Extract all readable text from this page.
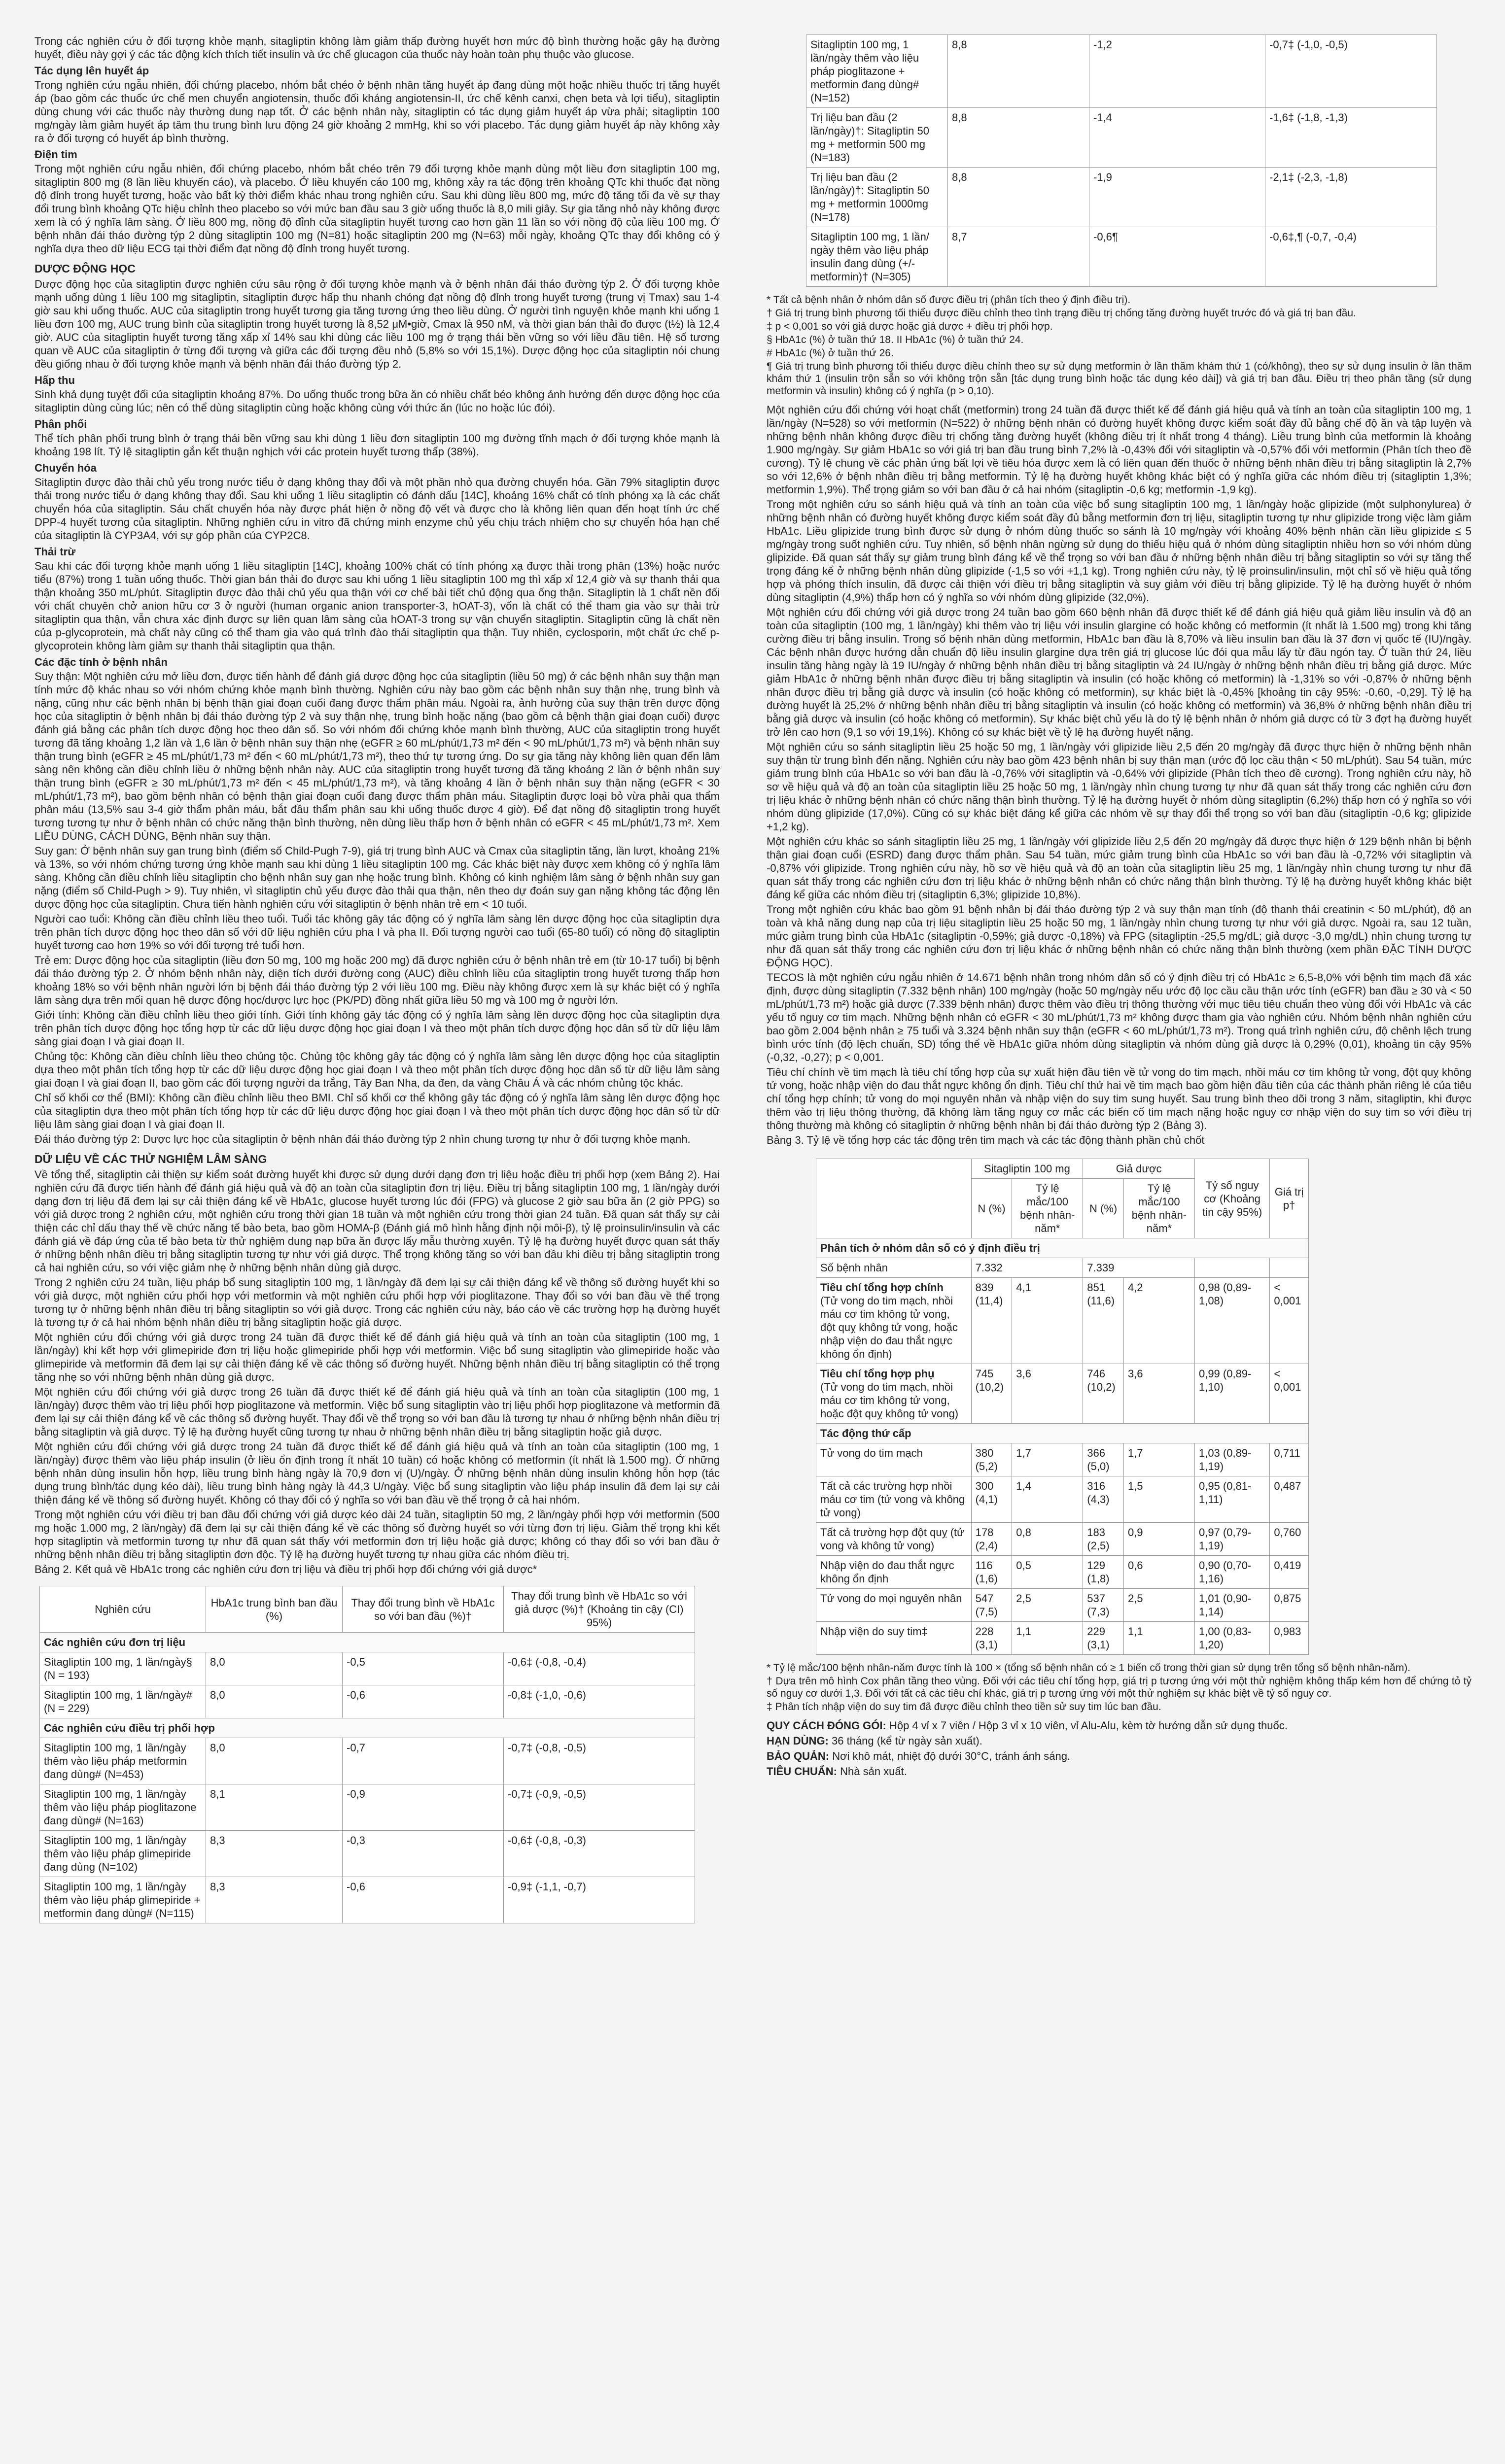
Trong các nghiên cứu ở đối tượng khỏe mạnh, sitagliptin không làm giảm thấp đường huyết hơn mức độ bình thường hoặc gây hạ đường huyết, điều này gợi ý các tác động kích thích tiết insulin và ức chế glucagon của thuốc này hoàn toàn phụ thuộc vào glucose.

Tác dụng lên huyết áp

Trong nghiên cứu ngẫu nhiên, đối chứng placebo, nhóm bắt chéo ở bệnh nhân tăng huyết áp đang dùng một hoặc nhiều thuốc trị tăng huyết áp (bao gồm các thuốc ức chế men chuyển angiotensin, thuốc đối kháng angiotensin-II, ức chế kênh canxi, chẹn beta và lợi tiểu), sitagliptin dùng chung với các thuốc này thường dung nạp tốt. Ở các bệnh nhân này, sitagliptin có tác dụng giảm huyết áp vừa phải; sitagliptin 100 mg/ngày làm giảm huyết áp tâm thu trung bình lưu động 24 giờ khoảng 2 mmHg, khi so với placebo. Tác dụng giảm huyết áp này không xảy ra ở đối tượng có huyết áp bình thường.

Điện tim

Trong một nghiên cứu ngẫu nhiên, đối chứng placebo, nhóm bắt chéo trên 79 đối tượng khỏe mạnh dùng một liều đơn sitagliptin 100 mg, sitagliptin 800 mg (8 lần liều khuyến cáo), và placebo. Ở liều khuyến cáo 100 mg, không xảy ra tác động trên khoảng QTc khi thuốc đạt nồng độ đỉnh trong huyết tương, hoặc vào bất kỳ thời điểm khác nhau trong nghiên cứu. Sau khi dùng liều 800 mg, mức độ tăng tối đa về sự thay đổi trung bình khoảng QTc hiệu chỉnh theo placebo so với mức ban đầu sau 3 giờ uống thuốc là 8,0 mili giây. Sự gia tăng nhỏ này không được xem là có ý nghĩa lâm sàng. Ở liều 800 mg, nồng độ đỉnh của sitagliptin huyết tương cao hơn gần 11 lần so với nồng độ của liều 100 mg. Ở bệnh nhân đái tháo đường týp 2 dùng sitagliptin 100 mg (N=81) hoặc sitagliptin 200 mg (N=63) mỗi ngày, khoảng QTc thay đổi không có ý nghĩa dựa theo dữ liệu ECG tại thời điểm đạt nồng độ đỉnh trong huyết tương.

DƯỢC ĐỘNG HỌC

Dược động học của sitagliptin được nghiên cứu sâu rộng ở đối tượng khỏe mạnh và ở bệnh nhân đái tháo đường týp 2. Ở đối tượng khỏe mạnh uống dùng 1 liều 100 mg sitagliptin, sitagliptin được hấp thu nhanh chóng đạt nồng độ đỉnh trong huyết tương (trung vị Tmax) sau 1-4 giờ sau khi uống thuốc. AUC của sitagliptin trong huyết tương gia tăng tương ứng theo liều dùng. Ở người tình nguyện khỏe mạnh khi uống 1 liều đơn 100 mg, AUC trung bình của sitagliptin trong huyết tương là 8,52 μM•giờ, Cmax là 950 nM, và thời gian bán thải đo được (t½) là 12,4 giờ. AUC của sitagliptin huyết tương tăng xấp xỉ 14% sau khi dùng các liều 100 mg ở trạng thái bền vững so với liều đầu tiên. Hệ số tương quan về AUC của sitagliptin ở từng đối tượng và giữa các đối tượng đều nhỏ (5,8% so với 15,1%). Dược động học của sitagliptin nói chung đều giống nhau ở đối tượng khỏe mạnh và bệnh nhân đái tháo đường týp 2.

Hấp thu

Sinh khả dụng tuyệt đối của sitagliptin khoảng 87%. Do uống thuốc trong bữa ăn có nhiều chất béo không ảnh hưởng đến dược động học của sitagliptin dùng cùng lúc; nên có thể dùng sitagliptin cùng hoặc không cùng với thức ăn (lúc no hoặc lúc đói).

Phân phối

Thể tích phân phối trung bình ở trạng thái bền vững sau khi dùng 1 liều đơn sitagliptin 100 mg đường tĩnh mạch ở đối tượng khỏe mạnh là khoảng 198 lít. Tỷ lệ sitagliptin gắn kết thuận nghịch với các protein huyết tương thấp (38%).

Chuyển hóa

Sitagliptin được đào thải chủ yếu trong nước tiểu ở dạng không thay đổi và một phần nhỏ qua đường chuyển hóa. Gần 79% sitagliptin được thải trong nước tiểu ở dạng không thay đổi. Sau khi uống 1 liều sitagliptin có đánh dấu [14C], khoảng 16% chất có tính phóng xạ là các chất chuyển hóa của sitagliptin. Sáu chất chuyển hóa này được phát hiện ở nồng độ vết và được cho là không liên quan đến hoạt tính ức chế DPP-4 huyết tương của sitagliptin. Những nghiên cứu in vitro đã chứng minh enzyme chủ yếu chịu trách nhiệm cho sự chuyển hóa hạn chế của sitagliptin là CYP3A4, với sự góp phần của CYP2C8.

Thải trừ

Sau khi các đối tượng khỏe mạnh uống 1 liều sitagliptin [14C], khoảng 100% chất có tính phóng xạ được thải trong phân (13%) hoặc nước tiểu (87%) trong 1 tuần uống thuốc. Thời gian bán thải đo được sau khi uống 1 liều sitagliptin 100 mg thì xấp xỉ 12,4 giờ và sự thanh thải qua thận khoảng 350 mL/phút. Sitagliptin được đào thải chủ yếu qua thận với cơ chế bài tiết chủ động qua ống thận. Sitagliptin là 1 chất nền đối với chất chuyên chở anion hữu cơ 3 ở người (human organic anion transporter-3, hOAT-3), vốn là chất có thể tham gia vào sự thải trừ sitagliptin qua thận, vẫn chưa xác định được sự liên quan lâm sàng của hOAT-3 trong sự vận chuyển sitagliptin. Sitagliptin cũng là chất nền của p-glycoprotein, mà chất này cũng có thể tham gia vào quá trình đào thải sitagliptin qua thận. Tuy nhiên, cyclosporin, một chất ức chế p-glycoprotein không làm giảm sự thanh thải sitagliptin qua thận.

Các đặc tính ở bệnh nhân

Suy thận: Một nghiên cứu mở liều đơn, được tiến hành để đánh giá dược động học của sitagliptin (liều 50 mg) ở các bệnh nhân suy thận mạn tính mức độ khác nhau so với nhóm chứng khỏe mạnh bình thường. Nghiên cứu này bao gồm các bệnh nhân suy thận nhẹ, trung bình và nặng, cũng như các bệnh nhân bị bệnh thận giai đoạn cuối đang được thẩm phân máu. Ngoài ra, ảnh hưởng của suy thận trên dược động học của sitagliptin ở bệnh nhân bị đái tháo đường týp 2 và suy thận nhẹ, trung bình hoặc nặng (bao gồm cả bệnh thận giai đoạn cuối) được đánh giá bằng các phân tích dược động học theo dân số. So với nhóm đối chứng khỏe mạnh bình thường, AUC của sitagliptin trong huyết tương đã tăng khoảng 1,2 lần và 1,6 lần ở bệnh nhân suy thận nhẹ (eGFR ≥ 60 mL/phút/1,73 m² đến < 90 mL/phút/1,73 m²) và bệnh nhân suy thận trung bình (eGFR ≥ 45 mL/phút/1,73 m² đến < 60 mL/phút/1,73 m²), theo thứ tự tương ứng. Do sự gia tăng này không liên quan đến lâm sàng nên không cần điều chỉnh liều ở những bệnh nhân này. AUC của sitagliptin trong huyết tương đã tăng khoảng 2 lần ở bệnh nhân suy thận trung bình (eGFR ≥ 30 mL/phút/1,73 m² đến < 45 mL/phút/1,73 m²), và tăng khoảng 4 lần ở bệnh nhân suy thận nặng (eGFR < 30 mL/phút/1,73 m²), bao gồm bệnh nhân có bệnh thận giai đoạn cuối đang được thẩm phân máu. Sitagliptin được loại bỏ vừa phải qua thẩm phân máu (13,5% sau 3-4 giờ thẩm phân máu, bắt đầu thẩm phân sau khi uống thuốc được 4 giờ). Để đạt nồng độ sitagliptin trong huyết tương tương tự như ở bệnh nhân có chức năng thận bình thường, nên dùng liều thấp hơn ở bệnh nhân có eGFR < 45 mL/phút/1,73 m². Xem LIỀU DÙNG, CÁCH DÙNG, Bệnh nhân suy thận.

Suy gan: Ở bệnh nhân suy gan trung bình (điểm số Child-Pugh 7-9), giá trị trung bình AUC và Cmax của sitagliptin tăng, lần lượt, khoảng 21% và 13%, so với nhóm chứng tương ứng khỏe mạnh sau khi dùng 1 liều sitagliptin 100 mg. Các khác biệt này được xem không có ý nghĩa lâm sàng. Không cần điều chỉnh liều sitagliptin cho bệnh nhân suy gan nhẹ hoặc trung bình. Không có kinh nghiệm lâm sàng ở bệnh nhân suy gan nặng (điểm số Child-Pugh > 9). Tuy nhiên, vì sitagliptin chủ yếu được đào thải qua thận, nên theo dự đoán suy gan nặng không tác động lên dược động học của sitagliptin. Chưa tiến hành nghiên cứu với sitagliptin ở bệnh nhân trẻ em < 10 tuổi.

Người cao tuổi: Không cần điều chỉnh liều theo tuổi. Tuổi tác không gây tác động có ý nghĩa lâm sàng lên dược động học của sitagliptin dựa trên phân tích dược động học theo dân số với dữ liệu nghiên cứu pha I và pha II. Đối tượng người cao tuổi (65-80 tuổi) có nồng độ sitagliptin huyết tương cao hơn 19% so với đối tượng trẻ tuổi hơn.

Trẻ em: Dược động học của sitagliptin (liều đơn 50 mg, 100 mg hoặc 200 mg) đã được nghiên cứu ở bệnh nhân trẻ em (từ 10-17 tuổi) bị bệnh đái tháo đường týp 2. Ở nhóm bệnh nhân này, diện tích dưới đường cong (AUC) điều chỉnh liều của sitagliptin trong huyết tương thấp hơn khoảng 18% so với bệnh nhân người lớn bị bệnh đái tháo đường týp 2 với liều 100 mg. Điều này không được xem là sự khác biệt có ý nghĩa lâm sàng dựa trên mối quan hệ dược động học/dược lực học (PK/PD) đồng nhất giữa liều 50 mg và 100 mg ở người lớn.

Giới tính: Không cần điều chỉnh liều theo giới tính. Giới tính không gây tác động có ý nghĩa lâm sàng lên dược động học của sitagliptin dựa trên phân tích dược động học tổng hợp từ các dữ liệu dược động học giai đoạn I và theo một phân tích dược động học dân số từ dữ liệu lâm sàng giai đoạn I và giai đoạn II.

Chủng tộc: Không cần điều chỉnh liều theo chủng tộc. Chủng tộc không gây tác động có ý nghĩa lâm sàng lên dược động học của sitagliptin dựa theo một phân tích tổng hợp từ các dữ liệu dược động học giai đoạn I và theo một phân tích dược động học dân số từ dữ liệu lâm sàng giai đoạn I và giai đoạn II, bao gồm các đối tượng người da trắng, Tây Ban Nha, da đen, da vàng Châu Á và các nhóm chủng tộc khác.

Chỉ số khối cơ thể (BMI): Không cần điều chỉnh liều theo BMI. Chỉ số khối cơ thể không gây tác động có ý nghĩa lâm sàng lên dược động học của sitagliptin dựa theo một phân tích tổng hợp từ các dữ liệu dược động học giai đoạn I và theo một phân tích dược động học dân số từ dữ liệu lâm sàng giai đoạn I và giai đoạn II.

Đái tháo đường týp 2: Dược lực học của sitagliptin ở bệnh nhân đái tháo đường týp 2 nhìn chung tương tự như ở đối tượng khỏe mạnh.

DỮ LIỆU VỀ CÁC THỬ NGHIỆM LÂM SÀNG

Về tổng thể, sitagliptin cải thiện sự kiểm soát đường huyết khi được sử dụng dưới dạng đơn trị liệu hoặc điều trị phối hợp (xem Bảng 2). Hai nghiên cứu đã được tiến hành để đánh giá hiệu quả và độ an toàn của sitagliptin đơn trị liệu. Điều trị bằng sitagliptin 100 mg, 1 lần/ngày dưới dạng đơn trị liệu đã đem lại sự cải thiện đáng kể về HbA1c, glucose huyết tương lúc đói (FPG) và glucose 2 giờ sau bữa ăn (2 giờ PPG) so với giả dược trong 2 nghiên cứu, một nghiên cứu trong thời gian 18 tuần và một nghiên cứu trong thời gian 24 tuần. Đã quan sát thấy sự cải thiện các chỉ dấu thay thế về chức năng tế bào beta, bao gồm HOMA-β (Đánh giá mô hình hằng định nội môi-β), tỷ lệ proinsulin/insulin và các đánh giá về đáp ứng của tế bào beta từ thử nghiệm dung nạp bữa ăn được lấy mẫu thường xuyên. Tỷ lệ hạ đường huyết được quan sát thấy ở những bệnh nhân điều trị bằng sitagliptin tương tự như với giả dược. Thể trọng không tăng so với ban đầu khi điều trị bằng sitagliptin trong cả hai nghiên cứu, so với việc giảm nhẹ ở những bệnh nhân dùng giả dược.

Trong 2 nghiên cứu 24 tuần, liệu pháp bổ sung sitagliptin 100 mg, 1 lần/ngày đã đem lại sự cải thiện đáng kể về thông số đường huyết khi so với giả dược, một nghiên cứu phối hợp với metformin và một nghiên cứu phối hợp với pioglitazone. Thay đổi so với ban đầu về thể trọng tương tự ở những bệnh nhân điều trị bằng sitagliptin so với giả dược. Trong các nghiên cứu này, báo cáo về các trường hợp hạ đường huyết là tương tự ở cả hai nhóm bệnh nhân điều trị bằng sitagliptin hoặc giả dược.

Một nghiên cứu đối chứng với giả dược trong 24 tuần đã được thiết kế để đánh giá hiệu quả và tính an toàn của sitagliptin (100 mg, 1 lần/ngày) khi kết hợp với glimepiride đơn trị liệu hoặc glimepiride phối hợp với metformin. Việc bổ sung sitagliptin vào glimepiride hoặc vào glimepiride và metformin đã đem lại sự cải thiện đáng kể về các thông số đường huyết. Những bệnh nhân điều trị bằng sitagliptin có thể trọng tăng nhẹ so với những bệnh nhân dùng giả dược.

Một nghiên cứu đối chứng với giả dược trong 26 tuần đã được thiết kế để đánh giá hiệu quả và tính an toàn của sitagliptin (100 mg, 1 lần/ngày) được thêm vào trị liệu phối hợp pioglitazone và metformin. Việc bổ sung sitagliptin vào trị liệu phối hợp pioglitazone và metformin đã đem lại sự cải thiện đáng kể về các thông số đường huyết. Thay đổi về thể trọng so với ban đầu là tương tự nhau ở những bệnh nhân điều trị bằng sitagliptin và giả dược. Tỷ lệ hạ đường huyết cũng tương tự nhau ở những bệnh nhân điều trị bằng sitagliptin hoặc giả dược.

Một nghiên cứu đối chứng với giả dược trong 24 tuần đã được thiết kế để đánh giá hiệu quả và tính an toàn của sitagliptin (100 mg, 1 lần/ngày) được thêm vào liệu pháp insulin (ở liều ổn định trong ít nhất 10 tuần) có hoặc không có metformin (ít nhất là 1.500 mg). Ở những bệnh nhân dùng insulin hỗn hợp, liều trung bình hàng ngày là 70,9 đơn vị (U)/ngày. Ở những bệnh nhân dùng insulin không hỗn hợp (tác dụng trung bình/tác dụng kéo dài), liều trung bình hàng ngày là 44,3 U/ngày. Việc bổ sung sitagliptin vào liệu pháp insulin đã đem lại sự cải thiện đáng kể về thông số đường huyết. Không có thay đổi có ý nghĩa so với ban đầu về thể trọng ở cả hai nhóm.

Trong một nghiên cứu với điều trị ban đầu đối chứng với giả dược kéo dài 24 tuần, sitagliptin 50 mg, 2 lần/ngày phối hợp với metformin (500 mg hoặc 1.000 mg, 2 lần/ngày) đã đem lại sự cải thiện đáng kể về các thông số đường huyết so với từng đơn trị liệu. Giảm thể trọng khi kết hợp sitagliptin và metformin tương tự như đã quan sát thấy với metformin đơn trị liệu hoặc giả dược; không có thay đổi so với ban đầu ở những bệnh nhân điều trị bằng sitagliptin đơn độc. Tỷ lệ hạ đường huyết tương tự nhau giữa các nhóm điều trị.

Bảng 2. Kết quả về HbA1c trong các nghiên cứu đơn trị liệu và điều trị phối hợp đối chứng với giả dược*

Nghiên cứu	HbA1c trung bình ban đầu (%)	Thay đổi trung bình về HbA1c so với ban đầu (%)†	Thay đổi trung bình về HbA1c so với giả dược (%)† (Khoảng tin cậy (CI) 95%)
Các nghiên cứu đơn trị liệu			
Sitagliptin 100 mg, 1 lần/ngày§ (N = 193)	8,0	-0,5	-0,6‡ (-0,8, -0,4)
Sitagliptin 100 mg, 1 lần/ngày# (N = 229)	8,0	-0,6	-0,8‡ (-1,0, -0,6)
Các nghiên cứu điều trị phối hợp			
Sitagliptin 100 mg, 1 lần/ngày thêm vào liệu pháp metformin đang dùng# (N=453)	8,0	-0,7	-0,7‡ (-0,8, -0,5)
Sitagliptin 100 mg, 1 lần/ngày thêm vào liệu pháp pioglitazone đang dùng# (N=163)	8,1	-0,9	-0,7‡ (-0,9, -0,5)
Sitagliptin 100 mg, 1 lần/ngày thêm vào liệu pháp glimepiride đang dùng (N=102)	8,3	-0,3	-0,6‡ (-0,8, -0,3)
Sitagliptin 100 mg, 1 lần/ngày thêm vào liệu pháp glimepiride + metformin đang dùng# (N=115)	8,3	-0,6	-0,9‡ (-1,1, -0,7)
Sitagliptin 100 mg, 1 lần/ngày thêm vào liệu pháp pioglitazone + metformin đang dùng# (N=152)	8,8	-1,2	-0,7‡ (-1,0, -0,5)
Trị liệu ban đầu (2 lần/ngày)†: Sitagliptin 50 mg + metformin 500 mg (N=183)	8,8	-1,4	-1,6‡ (-1,8, -1,3)
Trị liệu ban đầu (2 lần/ngày)†: Sitagliptin 50 mg + metformin 1000mg (N=178)	8,8	-1,9	-2,1‡ (-2,3, -1,8)
Sitagliptin 100 mg, 1 lần/ ngày thêm vào liệu pháp insulin đang dùng (+/- metformin)† (N=305)	8,7	-0,6¶	-0,6‡,¶ (-0,7, -0,4)

* Tất cả bệnh nhân ở nhóm dân số được điều trị (phân tích theo ý định điều trị).

† Giá trị trung bình phương tối thiểu được điều chỉnh theo tình trạng điều trị chống tăng đường huyết trước đó và giá trị ban đầu.

‡ p < 0,001 so với giả dược hoặc giả dược + điều trị phối hợp.

§ HbA1c (%) ở tuần thứ 18. II HbA1c (%) ở tuần thứ 24.

# HbA1c (%) ở tuần thứ 26.

¶ Giá trị trung bình phương tối thiểu được điều chỉnh theo sự sử dụng metformin ở lần thăm khám thứ 1 (có/không), theo sự sử dụng insulin ở lần thăm khám thứ 1 (insulin trộn sẵn so với không trộn sẵn [tác dụng trung bình hoặc tác dụng kéo dài]) và giá trị ban đầu. Điều trị theo phân tầng (sử dụng metformin và insulin) không có ý nghĩa (p > 0,10).

Một nghiên cứu đối chứng với hoạt chất (metformin) trong 24 tuần đã được thiết kế để đánh giá hiệu quả và tính an toàn của sitagliptin 100 mg, 1 lần/ngày (N=528) so với metformin (N=522) ở những bệnh nhân có đường huyết không được kiểm soát đầy đủ bằng chế độ ăn và tập luyện và những bệnh nhân không được điều trị chống tăng đường huyết (không điều trị ít nhất trong 4 tháng). Liều trung bình của metformin là khoảng 1.900 mg/ngày. Sự giảm HbA1c so với giá trị ban đầu trung bình 7,2% là -0,43% đối với sitagliptin và -0,57% đối với metformin (Phân tích theo đề cương). Tỷ lệ chung về các phản ứng bất lợi về tiêu hóa được xem là có liên quan đến thuốc ở những bệnh nhân điều trị bằng sitagliptin là 2,7% so với 12,6% ở bệnh nhân điều trị bằng metformin. Tỷ lệ hạ đường huyết không khác biệt có ý nghĩa giữa các nhóm điều trị (sitagliptin 1,3%; metformin 1,9%). Thể trọng giảm so với ban đầu ở cả hai nhóm (sitagliptin -0,6 kg; metformin -1,9 kg).

Trong một nghiên cứu so sánh hiệu quả và tính an toàn của việc bổ sung sitagliptin 100 mg, 1 lần/ngày hoặc glipizide (một sulphonylurea) ở những bệnh nhân có đường huyết không được kiểm soát đầy đủ bằng metformin đơn trị liệu, sitagliptin tương tự như glipizide trong việc làm giảm HbA1c. Liều glipizide trung bình được sử dụng ở nhóm dùng thuốc so sánh là 10 mg/ngày với khoảng 40% bệnh nhân cần liều glipizide ≤ 5 mg/ngày trong suốt nghiên cứu. Tuy nhiên, số bệnh nhân ngừng sử dụng do thiếu hiệu quả ở nhóm dùng sitagliptin nhiều hơn so với nhóm dùng glipizide. Đã quan sát thấy sự giảm trung bình đáng kể về thể trọng so với ban đầu ở những bệnh nhân điều trị bằng sitagliptin so với sự tăng thể trọng đáng kể ở những bệnh nhân dùng glipizide (-1,5 so với +1,1 kg). Trong nghiên cứu này, tỷ lệ proinsulin/insulin, một chỉ số về hiệu quả tổng hợp và phóng thích insulin, đã được cải thiện với điều trị bằng sitagliptin và suy giảm với điều trị bằng glipizide. Tỷ lệ hạ đường huyết ở nhóm dùng sitagliptin (4,9%) thấp hơn có ý nghĩa so với nhóm dùng glipizide (32,0%).

Một nghiên cứu đối chứng với giả dược trong 24 tuần bao gồm 660 bệnh nhân đã được thiết kế để đánh giá hiệu quả giảm liều insulin và độ an toàn của sitagliptin (100 mg, 1 lần/ngày) khi thêm vào trị liệu với insulin glargine có hoặc không có metformin (ít nhất là 1.500 mg) trong khi tăng cường điều trị bằng insulin. Trong số bệnh nhân dùng metformin, HbA1c ban đầu là 8,70% và liều insulin ban đầu là 37 đơn vị quốc tế (IU)/ngày. Các bệnh nhân được hướng dẫn chuẩn độ liều insulin glargine dựa trên giá trị glucose lúc đói qua mẫu lấy từ đầu ngón tay. Ở tuần thứ 24, liều insulin tăng hàng ngày là 19 IU/ngày ở những bệnh nhân điều trị bằng sitagliptin và 24 IU/ngày ở những bệnh nhân điều trị bằng giả dược. Mức giảm HbA1c ở những bệnh nhân được điều trị bằng sitagliptin và insulin (có hoặc không có metformin) là -1,31% so với -0,87% ở những bệnh nhân được điều trị bằng giả dược và insulin (có hoặc không có metformin), sự khác biệt là -0,45% [khoảng tin cậy 95%: -0,60, -0,29]. Tỷ lệ hạ đường huyết là 25,2% ở những bệnh nhân điều trị bằng sitagliptin và insulin (có hoặc không có metformin) và 36,8% ở những bệnh nhân điều trị bằng giả dược và insulin (có hoặc không có metformin). Sự khác biệt chủ yếu là do tỷ lệ bệnh nhân ở nhóm giả dược có từ 3 đợt hạ đường huyết trở lên cao hơn (9,1 so với 19,1%). Không có sự khác biệt về tỷ lệ hạ đường huyết nặng.

Một nghiên cứu so sánh sitagliptin liều 25 hoặc 50 mg, 1 lần/ngày với glipizide liều 2,5 đến 20 mg/ngày đã được thực hiện ở những bệnh nhân suy thận từ trung bình đến nặng. Nghiên cứu này bao gồm 423 bệnh nhân bị suy thận mạn (ước độ lọc cầu thận < 50 mL/phút). Sau 54 tuần, mức giảm trung bình của HbA1c so với ban đầu là -0,76% với sitagliptin và -0,64% với glipizide (Phân tích theo đề cương). Trong nghiên cứu này, hồ sơ về hiệu quả và độ an toàn của sitagliptin liều 25 hoặc 50 mg, 1 lần/ngày nhìn chung tương tự như đã quan sát thấy trong các nghiên cứu đơn trị liệu khác ở những bệnh nhân có chức năng thận bình thường. Tỷ lệ hạ đường huyết ở nhóm dùng sitagliptin (6,2%) thấp hơn có ý nghĩa so với nhóm dùng glipizide (17,0%). Cũng có sự khác biệt đáng kể giữa các nhóm về sự thay đổi thể trọng so với ban đầu (sitagliptin -0,6 kg; glipizide +1,2 kg).

Một nghiên cứu khác so sánh sitagliptin liều 25 mg, 1 lần/ngày với glipizide liều 2,5 đến 20 mg/ngày đã được thực hiện ở 129 bệnh nhân bị bệnh thận giai đoạn cuối (ESRD) đang được thẩm phân. Sau 54 tuần, mức giảm trung bình của HbA1c so với ban đầu là -0,72% với sitagliptin và -0,87% với glipizide. Trong nghiên cứu này, hồ sơ về hiệu quả và độ an toàn của sitagliptin liều 25 mg, 1 lần/ngày nhìn chung tương tự như đã quan sát thấy trong các nghiên cứu đơn trị liệu khác ở những bệnh nhân có chức năng thận bình thường. Tỷ lệ hạ đường huyết không khác biệt đáng kể giữa các nhóm điều trị (sitagliptin 6,3%; glipizide 10,8%).

Trong một nghiên cứu khác bao gồm 91 bệnh nhân bị đái tháo đường týp 2 và suy thận mạn tính (độ thanh thải creatinin < 50 mL/phút), độ an toàn và khả năng dung nạp của trị liệu sitagliptin liều 25 hoặc 50 mg, 1 lần/ngày nhìn chung tương tự như với giả dược. Ngoài ra, sau 12 tuần, mức giảm trung bình của HbA1c (sitagliptin -0,59%; giả dược -0,18%) và FPG (sitagliptin -25,5 mg/dL; giả dược -3,0 mg/dL) nhìn chung tương tự như đã quan sát thấy trong các nghiên cứu đơn trị liệu khác ở những bệnh nhân có chức năng thận bình thường (xem phần ĐẶC TÍNH DƯỢC ĐỘNG HỌC).

TECOS là một nghiên cứu ngẫu nhiên ở 14.671 bệnh nhân trong nhóm dân số có ý định điều trị có HbA1c ≥ 6,5-8,0% với bệnh tim mạch đã xác định, được dùng sitagliptin (7.332 bệnh nhân) 100 mg/ngày (hoặc 50 mg/ngày nếu ước độ lọc cầu cầu thận ước tính (eGFR) ban đầu ≥ 30 và < 50 mL/phút/1,73 m²) hoặc giả dược (7.339 bệnh nhân) được thêm vào điều trị thông thường với mục tiêu tiêu chuẩn theo vùng đối với HbA1c và các yếu tố nguy cơ tim mạch. Những bệnh nhân có eGFR < 30 mL/phút/1,73 m² không được tham gia vào nghiên cứu. Nhóm bệnh nhân nghiên cứu bao gồm 2.004 bệnh nhân ≥ 75 tuổi và 3.324 bệnh nhân suy thận (eGFR < 60 mL/phút/1,73 m²). Trong quá trình nghiên cứu, độ chênh lệch trung bình ước tính (độ lệch chuẩn, SD) tổng thể về HbA1c giữa nhóm dùng sitagliptin và nhóm dùng giả dược là 0,29% (0,01), khoảng tin cậy 95% (-0,32, -0,27); p < 0,001.

Tiêu chí chính về tim mạch là tiêu chí tổng hợp của sự xuất hiện đầu tiên về tử vong do tim mạch, nhồi máu cơ tim không tử vong, đột quỵ không tử vong, hoặc nhập viện do đau thắt ngực không ổn định. Tiêu chí thứ hai về tim mạch bao gồm hiện đầu tiên của các thành phần riêng lẻ của tiêu chí tổng hợp chính; tử vong do mọi nguyên nhân và nhập viện do suy tim sung huyết. Sau trung bình theo dõi trong 3 năm, sitagliptin, khi được thêm vào trị liệu thông thường, đã không làm tăng nguy cơ mắc các biến cố tim mạch nặng hoặc nguy cơ nhập viện do suy tim so với điều trị thông thường mà không có sitagliptin ở những bệnh nhân bị đái tháo đường týp 2 (Bảng 3).

Bảng 3. Tỷ lệ về tổng hợp các tác động trên tim mạch và các tác động thành phần chủ chốt

	Sitagliptin 100 mg		Giả dược		Tỷ số nguy cơ (Khoảng tin cậy 95%)	Giá trị p†
	N (%)	Tỷ lệ mắc/100 bệnh nhân-năm*	N (%)	Tỷ lệ mắc/100 bệnh nhân-năm*		
Phân tích ở nhóm dân số có ý định điều trị						
Số bệnh nhân	7.332		7.339			
Tiêu chí tổng hợp chính
(Tử vong do tim mạch, nhồi máu cơ tim không tử vong, đột quỵ không tử vong, hoặc nhập viện do đau thắt ngực không ổn định)	839 (11,4)	4,1	851 (11,6)	4,2	0,98 (0,89-1,08)	< 0,001
Tiêu chí tổng hợp phụ
(Tử vong do tim mạch, nhồi máu cơ tim không tử vong, hoặc đột quỵ không tử vong)	745 (10,2)	3,6	746 (10,2)	3,6	0,99 (0,89-1,10)	< 0,001
Tác động thứ cấp						
Tử vong do tim mạch	380 (5,2)	1,7	366 (5,0)	1,7	1,03 (0,89-1,19)	0,711
Tất cả các trường hợp nhồi máu cơ tim (tử vong và không tử vong)	300 (4,1)	1,4	316 (4,3)	1,5	0,95 (0,81-1,11)	0,487
Tất cả trường hợp đột quỵ (tử vong và không tử vong)	178 (2,4)	0,8	183 (2,5)	0,9	0,97 (0,79-1,19)	0,760
Nhập viện do đau thắt ngực không ổn định	116 (1,6)	0,5	129 (1,8)	0,6	0,90 (0,70-1,16)	0,419
Tử vong do mọi nguyên nhân	547 (7,5)	2,5	537 (7,3)	2,5	1,01 (0,90-1,14)	0,875
Nhập viện do suy tim‡	228 (3,1)	1,1	229 (3,1)	1,1	1,00 (0,83-1,20)	0,983

* Tỷ lệ mắc/100 bệnh nhân-năm được tính là 100 × (tổng số bệnh nhân có ≥ 1 biến cố trong thời gian sử dụng trên tổng số bệnh nhân-năm).

† Dựa trên mô hình Cox phân tầng theo vùng. Đối với các tiêu chí tổng hợp, giá trị p tương ứng với một thử nghiệm không thấp kém hơn để chứng tỏ tỷ số nguy cơ dưới 1,3. Đối với tất cả các tiêu chí khác, giá trị p tương ứng với một thử nghiệm sự khác biệt về tỷ số nguy cơ.

‡ Phân tích nhập viện do suy tim đã được điều chỉnh theo tiền sử suy tim lúc ban đầu.

QUY CÁCH ĐÓNG GÓI: Hộp 4 vỉ x 7 viên / Hộp 3 vỉ x 10 viên, vỉ Alu-Alu, kèm tờ hướng dẫn sử dụng thuốc.

HẠN DÙNG: 36 tháng (kể từ ngày sản xuất).

BẢO QUẢN: Nơi khô mát, nhiệt độ dưới 30°C, tránh ánh sáng.

TIÊU CHUẨN: Nhà sản xuất.
